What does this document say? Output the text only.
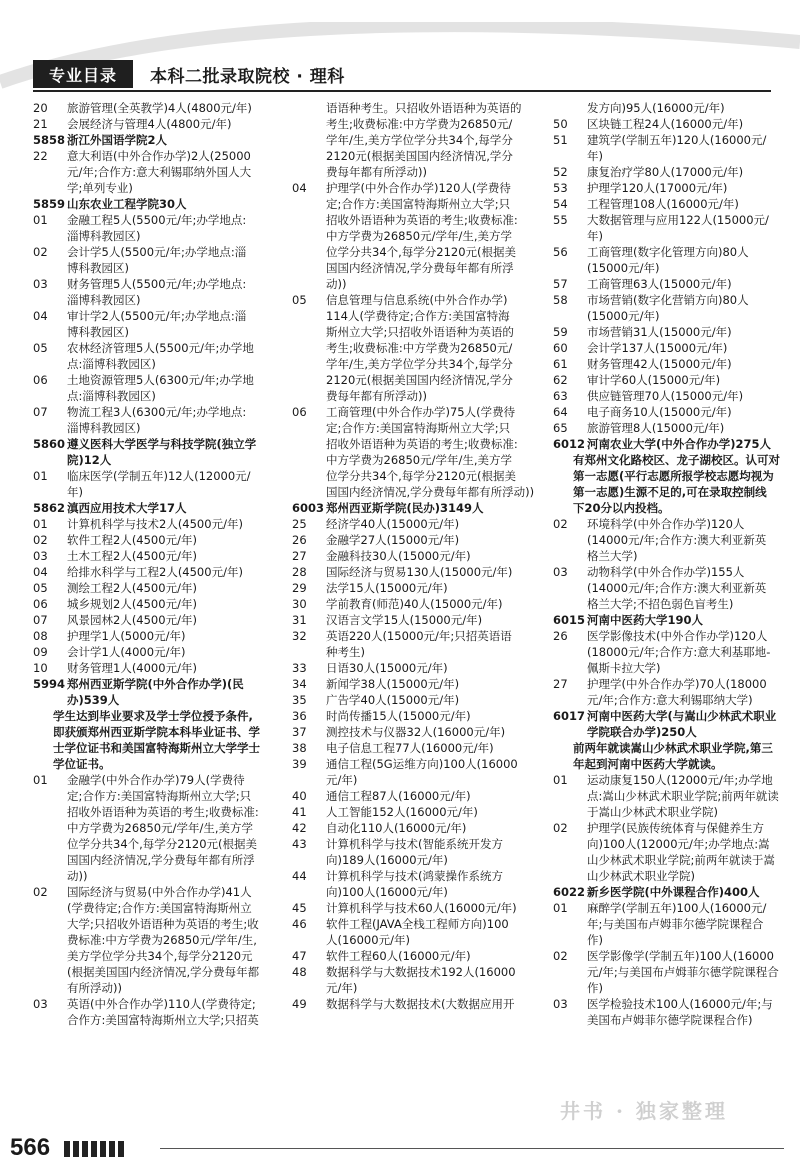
专业目录 本科二批录取院校 · 理科
20	旅游管理(全英教学)4人(4800元/年)
21	会展经济与管理4人(4800元/年)
5858 浙江外国语学院2人
22	意大利语(中外合作办学)2人(25000
元/年;合作方:意大利锡耶纳外国人大
学;单列专业)
5859 山东农业工程学院30人
01	金融工程5人(5500元/年;办学地点:
淄博科教园区)
02	会计学5人(5500元/年;办学地点:淄
博科教园区)
03	财务管理5人(5500元/年;办学地点:
淄博科教园区)
04	审计学2人(5500元/年;办学地点:淄
博科教园区)
05	农林经济管理5人(5500元/年;办学地
点:淄博科教园区)
06	土地资源管理5人(6300元/年;办学地
点:淄博科教园区)
07	物流工程3人(6300元/年;办学地点:
淄博科教园区)
5860 遵义医科大学医学与科技学院(独立学
院)12人
01	临床医学(学制五年)12人(12000元/
年)
5862 滇西应用技术大学17人
01	计算机科学与技术2人(4500元/年)
02	软件工程2人(4500元/年)
03	土木工程2人(4500元/年)
04	给排水科学与工程2人(4500元/年)
05	测绘工程2人(4500元/年)
06	城乡规划2人(4500元/年)
07	风景园林2人(4500元/年)
08	护理学1人(5000元/年)
09	会计学1人(4000元/年)
10	财务管理1人(4000元/年)
5994 郑州西亚斯学院(中外合作办学)(民
办)539人
学生达到毕业要求及学士学位授予条件,
即获颁郑州西亚斯学院本科毕业证书、学
士学位证书和美国富特海斯州立大学学士
学位证书。
01	金融学(中外合作办学)79人(学费待
定;合作方:美国富特海斯州立大学;只
招收外语语种为英语的考生;收费标准:
中方学费为26850元/学年/生,美方学
位学分共34个,每学分2120元(根据美
国国内经济情况,学分费每年都有所浮
动))
02	国际经济与贸易(中外合作办学)41人
(学费待定;合作方:美国富特海斯州立
大学;只招收外语语种为英语的考生;收
费标准:中方学费为26850元/学年/生,
美方学位学分共34个,每学分2120元
(根据美国国内经济情况,学分费每年都
有所浮动))
03	英语(中外合作办学)110人(学费待定;
合作方:美国富特海斯州立大学;只招英
语语种考生。只招收外语语种为英语的
考生;收费标准:中方学费为26850元/
学年/生,美方学位学分共34个,每学分
2120元(根据美国国内经济情况,学分
费每年都有所浮动))
04	护理学(中外合作办学)120人(学费待
定;合作方:美国富特海斯州立大学;只
招收外语语种为英语的考生;收费标准:
中方学费为26850元/学年/生,美方学
位学分共34个,每学分2120元(根据美
国国内经济情况,学分费每年都有所浮
动))
05	信息管理与信息系统(中外合作办学)
114人(学费待定;合作方:美国富特海
斯州立大学;只招收外语语种为英语的
考生;收费标准:中方学费为26850元/
学年/生,美方学位学分共34个,每学分
2120元(根据美国国内经济情况,学分
费每年都有所浮动))
06	工商管理(中外合作办学)75人(学费待
定;合作方:美国富特海斯州立大学;只
招收外语语种为英语的考生;收费标准:
中方学费为26850元/学年/生,美方学
位学分共34个,每学分2120元(根据美
国国内经济情况,学分费每年都有所浮动))
6003 郑州西亚斯学院(民办)3149人
25	经济学40人(15000元/年)
26	金融学27人(15000元/年)
27	金融科技30人(15000元/年)
28	国际经济与贸易130人(15000元/年)
29	法学15人(15000元/年)
30	学前教育(师范)40人(15000元/年)
31	汉语言文学15人(15000元/年)
32	英语220人(15000元/年;只招英语语
种考生)
33	日语30人(15000元/年)
34	新闻学38人(15000元/年)
35	广告学40人(15000元/年)
36	时尚传播15人(15000元/年)
37	测控技术与仪器32人(16000元/年)
38	电子信息工程77人(16000元/年)
39	通信工程(5G运维方向)100人(16000
元/年)
40	通信工程87人(16000元/年)
41	人工智能152人(16000元/年)
42	自动化110人(16000元/年)
43	计算机科学与技术(智能系统开发方
向)189人(16000元/年)
44	计算机科学与技术(鸿蒙操作系统方
向)100人(16000元/年)
45	计算机科学与技术60人(16000元/年)
46	软件工程(JAVA全栈工程师方向)100
人(16000元/年)
47	软件工程60人(16000元/年)
48	数据科学与大数据技术192人(16000
元/年)
49	数据科学与大数据技术(大数据应用开
发方向)95人(16000元/年)
50	区块链工程24人(16000元/年)
51	建筑学(学制五年)120人(16000元/
年)
52	康复治疗学80人(17000元/年)
53	护理学120人(17000元/年)
54	工程管理108人(16000元/年)
55	大数据管理与应用122人(15000元/
年)
56	工商管理(数字化管理方向)80人
(15000元/年)
57	工商管理63人(15000元/年)
58	市场营销(数字化营销方向)80人
(15000元/年)
59	市场营销31人(15000元/年)
60	会计学137人(15000元/年)
61	财务管理42人(15000元/年)
62	审计学60人(15000元/年)
63	供应链管理70人(15000元/年)
64	电子商务10人(15000元/年)
65	旅游管理8人(15000元/年)
6012 河南农业大学(中外合作办学)275人
有郑州文化路校区、龙子湖校区。认可对
第一志愿(平行志愿所报学校志愿均视为
第一志愿)生源不足的,可在录取控制线
下20分以内投档。
02	环境科学(中外合作办学)120人
(14000元/年;合作方:澳大利亚新英
格兰大学)
03	动物科学(中外合作办学)155人
(14000元/年;合作方:澳大利亚新英
格兰大学;不招色弱色盲考生)
6015 河南中医药大学190人
26	医学影像技术(中外合作办学)120人
(18000元/年;合作方:意大利基耶地-
佩斯卡拉大学)
27	护理学(中外合作办学)70人(18000
元/年;合作方:意大利锡耶纳大学)
6017 河南中医药大学(与嵩山少林武术职业
学院联合办学)250人
前两年就读嵩山少林武术职业学院,第三
年起到河南中医药大学就读。
01	运动康复150人(12000元/年;办学地
点:嵩山少林武术职业学院;前两年就读
于嵩山少林武术职业学院)
02	护理学(民族传统体育与保健养生方
向)100人(12000元/年;办学地点:嵩
山少林武术职业学院;前两年就读于嵩
山少林武术职业学院)
6022 新乡医学院(中外课程合作)400人
01	麻醉学(学制五年)100人(16000元/
年;与美国布卢姆菲尔德学院课程合
作)
02	医学影像学(学制五年)100人(16000
元/年;与美国布卢姆菲尔德学院课程合
作)
03	医学检验技术100人(16000元/年;与
美国布卢姆菲尔德学院课程合作)
井书 · 独家整理
566
